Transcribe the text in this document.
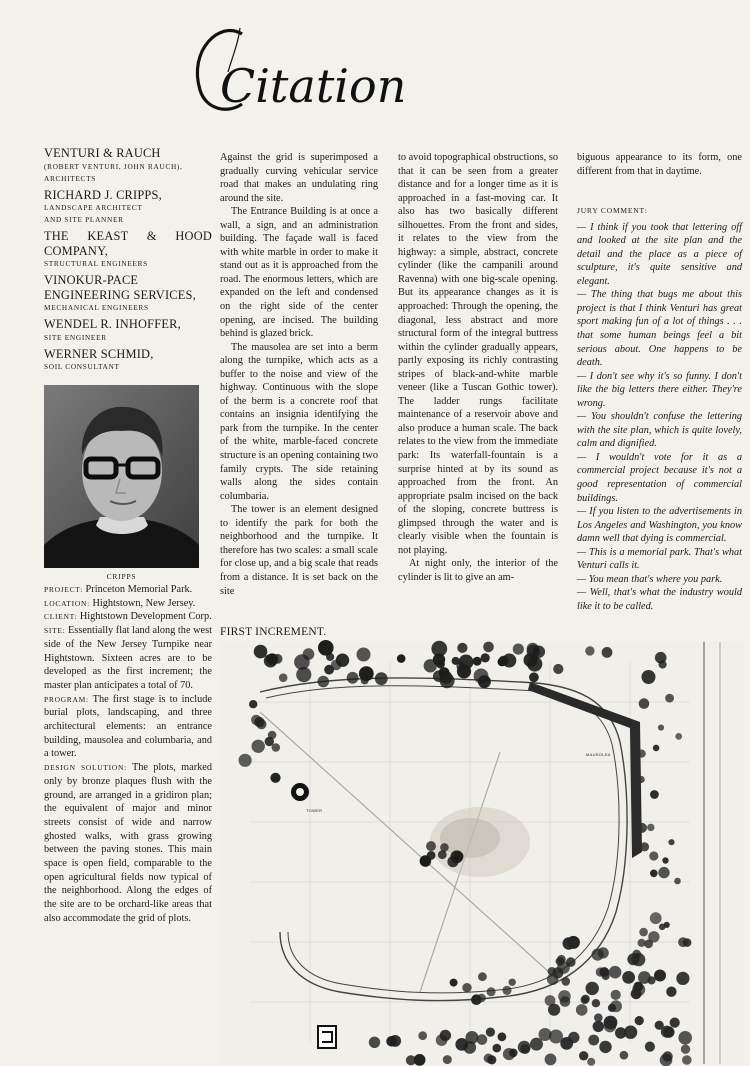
Citation
VENTURI & RAUCH
(ROBERT VENTURI, JOHN RAUCH),
ARCHITECTS
RICHARD J. CRIPPS,
LANDSCAPE ARCHITECT
AND SITE PLANNER
THE KEAST & HOOD COMPANY,
STRUCTURAL ENGINEERS
VINOKUR-PACE ENGINEERING SERVICES,
MECHANICAL ENGINEERS
WENDEL R. INHOFFER,
SITE ENGINEER
WERNER SCHMID,
SOIL CONSULTANT
CRIPPS
PROJECT: Princeton Memorial Park.
LOCATION: Hightstown, New Jersey.
CLIENT: Hightstown Development Corp.
SITE: Essentially flat land along the west side of the New Jersey Turnpike near Hightstown. Sixteen acres are to be developed as the first increment; the master plan anticipates a total of 70.
PROGRAM: The first stage is to include burial plots, landscaping, and three architectural elements: an entrance building, mausolea and columbaria, and a tower.
DESIGN SOLUTION: The plots, marked only by bronze plaques flush with the ground, are arranged in a gridiron plan; the equivalent of major and minor streets consist of wide and narrow ghosted walks, with grass growing between the paving stones. This main space is open field, comparable to the open agricultural fields now typical of the neighborhood. Along the edges of the site are to be orchard-like areas that also accommodate the grid of plots.

Against the grid is superimposed a gradually curving vehicular service road that makes an undulating ring around the site.

The Entrance Building is at once a wall, a sign, and an administration building. The façade wall is faced with white marble in order to make it stand out as it is approached from the road. The enormous letters, which are expanded on the left and condensed on the right side of the center opening, are incised. The building behind is glazed brick.

The mausolea are set into a berm along the turnpike, which acts as a buffer to the noise and view of the highway. Continuous with the slope of the berm is a concrete roof that contains an insignia identifying the park from the turnpike. In the center of the white, marble-faced concrete structure is an opening containing two family crypts. The side retaining walls along the sides contain columbaria.

The tower is an element designed to identify the park for both the neighborhood and the turnpike. It therefore has two scales: a small scale for close up, and a big scale that reads from a distance. It is set back on the site

to avoid topographical obstructions, so that it can be seen from a greater distance and for a longer time as it is approached in a fast-moving car. It also has two basically different silhouettes. From the front and sides, it relates to the view from the highway: a simple, abstract, concrete cylinder (like the campanili around Ravenna) with one big-scale opening. But its appearance changes as it is approached: Through the opening, the diagonal, less abstract and more structural form of the integral buttress within the cylinder gradually appears, partly exposing its richly contrasting stripes of black-and-white marble veneer (like a Tuscan Gothic tower). The ladder rungs facilitate maintenance of a reservoir above and also produce a human scale. The back relates to the view from the immediate park: Its waterfall-fountain is a surprise hinted at by its sound as approached from the front. An appropriate psalm incised on the back of the sloping, concrete buttress is glimpsed through the water and is clearly visible when the fountain is not playing.

At night only, the interior of the cylinder is lit to give an am-

biguous appearance to its form, one different from that in daytime.

JURY COMMENT:

— I think if you took that lettering off and looked at the site plan and the detail and the place as a piece of sculpture, it's quite sensitive and elegant.

— The thing that bugs me about this project is that I think Venturi has great sport making fun of a lot of things . . . that some human beings feel a bit serious about. One happens to be death.

— I don't see why it's so funny. I don't like the big letters there either. They're wrong.

— You shouldn't confuse the lettering with the site plan, which is quite lovely, calm and dignified.

— I wouldn't vote for it as a commercial project because it's not a good representation of commercial buildings.

— If you listen to the advertisements in Los Angeles and Washington, you know damn well that dying is commercial.

— This is a memorial park. That's what Venturi calls it.

— You mean that's where you park.

— Well, that's what the industry would like it to be called.

FIRST INCREMENT.
TOWER
MAUSOLEA
